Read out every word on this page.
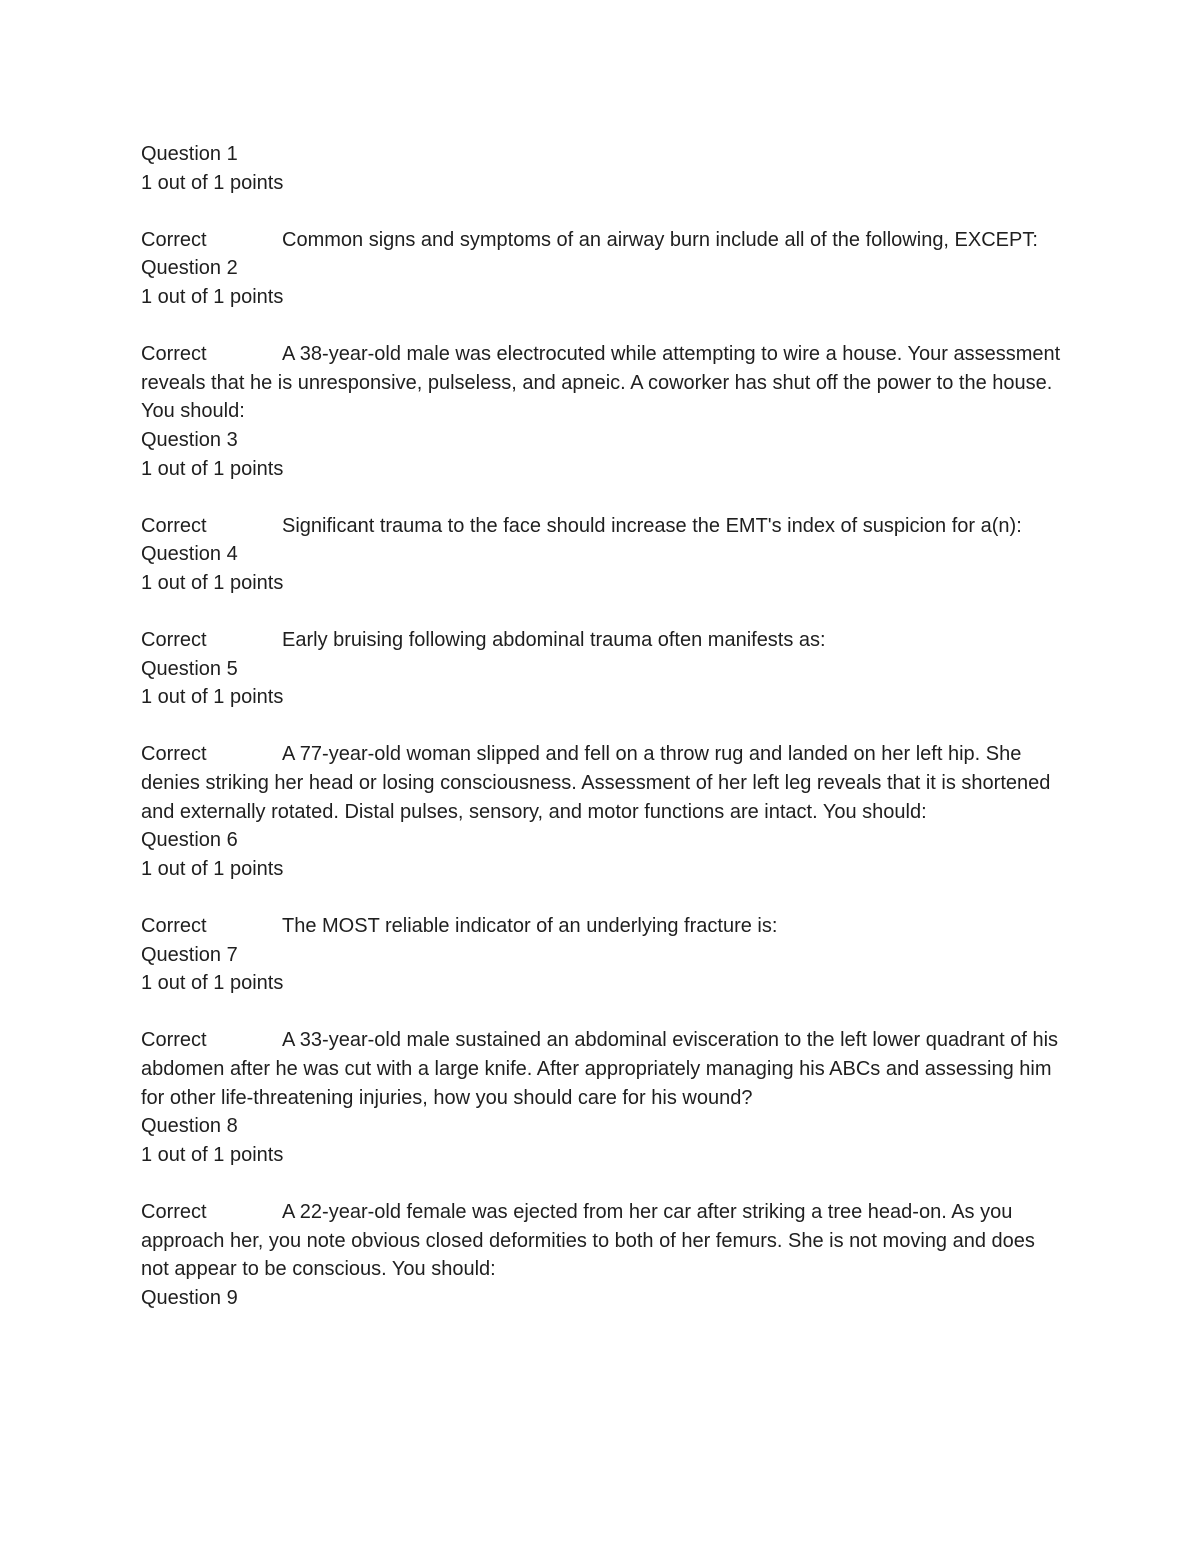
Question 1
1 out of 1 points
Correct	Common signs and symptoms of an airway burn include all of the following, EXCEPT:
Question 2
1 out of 1 points
Correct	A 38-year-old male was electrocuted while attempting to wire a house. Your assessment reveals that he is unresponsive, pulseless, and apneic. A coworker has shut off the power to the house. You should:
Question 3
1 out of 1 points
Correct	Significant trauma to the face should increase the EMT's index of suspicion for a(n):
Question 4
1 out of 1 points
Correct	Early bruising following abdominal trauma often manifests as:
Question 5
1 out of 1 points
Correct	A 77-year-old woman slipped and fell on a throw rug and landed on her left hip. She denies striking her head or losing consciousness. Assessment of her left leg reveals that it is shortened and externally rotated. Distal pulses, sensory, and motor functions are intact. You should:
Question 6
1 out of 1 points
Correct	The MOST reliable indicator of an underlying fracture is:
Question 7
1 out of 1 points
Correct	A 33-year-old male sustained an abdominal evisceration to the left lower quadrant of his abdomen after he was cut with a large knife. After appropriately managing his ABCs and assessing him for other life-threatening injuries, how you should care for his wound?
Question 8
1 out of 1 points
Correct	A 22-year-old female was ejected from her car after striking a tree head-on. As you approach her, you note obvious closed deformities to both of her femurs. She is not moving and does not appear to be conscious. You should:
Question 9
